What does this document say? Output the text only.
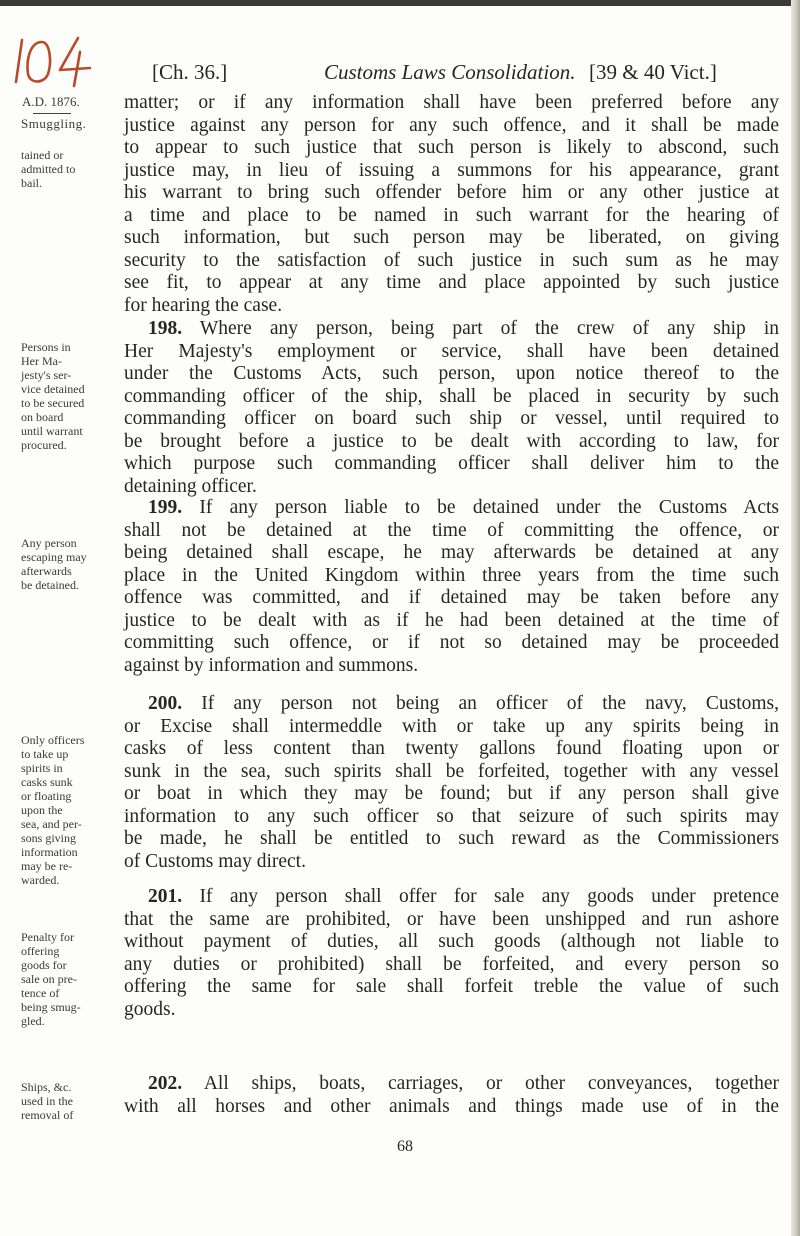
[Ch. 36.]	Customs Laws Consolidation. [39 & 40 Vict.]
A.D. 1876.
Smuggling.
tained or
admitted to
bail.
Persons in
Her Ma-
jesty's ser-
vice detained
to be secured
on board
until warrant
procured.
Any person
escaping may
afterwards
be detained.
Only officers
to take up
spirits in
casks sunk
or floating
upon the
sea, and per-
sons giving
information
may be re-
warded.
Penalty for
offering
goods for
sale on pre-
tence of
being smug-
gled.
Ships, &c.
used in the
removal of
matter; or if any information shall have been preferred before any
justice against any person for any such offence, and it shall be made
to appear to such justice that such person is likely to abscond, such
justice may, in lieu of issuing a summons for his appearance, grant
his warrant to bring such offender before him or any other justice at
a time and place to be named in such warrant for the hearing of
such information, but such person may be liberated, on giving
security to the satisfaction of such justice in such sum as he may
see fit, to appear at any time and place appointed by such justice
for hearing the case.
198. Where any person, being part of the crew of any ship in
Her Majesty's employment or service, shall have been detained
under the Customs Acts, such person, upon notice thereof to the
commanding officer of the ship, shall be placed in security by such
commanding officer on board such ship or vessel, until required to
be brought before a justice to be dealt with according to law, for
which purpose such commanding officer shall deliver him to the
detaining officer.
199. If any person liable to be detained under the Customs Acts
shall not be detained at the time of committing the offence, or
being detained shall escape, he may afterwards be detained at any
place in the United Kingdom within three years from the time such
offence was committed, and if detained may be taken before any
justice to be dealt with as if he had been detained at the time of
committing such offence, or if not so detained may be proceeded
against by information and summons.
200. If any person not being an officer of the navy, Customs,
or Excise shall intermeddle with or take up any spirits being in
casks of less content than twenty gallons found floating upon or
sunk in the sea, such spirits shall be forfeited, together with any vessel
or boat in which they may be found; but if any person shall give
information to any such officer so that seizure of such spirits may
be made, he shall be entitled to such reward as the Commissioners
of Customs may direct.
201. If any person shall offer for sale any goods under pretence
that the same are prohibited, or have been unshipped and run ashore
without payment of duties, all such goods (although not liable to
any duties or prohibited) shall be forfeited, and every person so
offering the same for sale shall forfeit treble the value of such
goods.
202. All ships, boats, carriages, or other conveyances, together
with all horses and other animals and things made use of in the
68
